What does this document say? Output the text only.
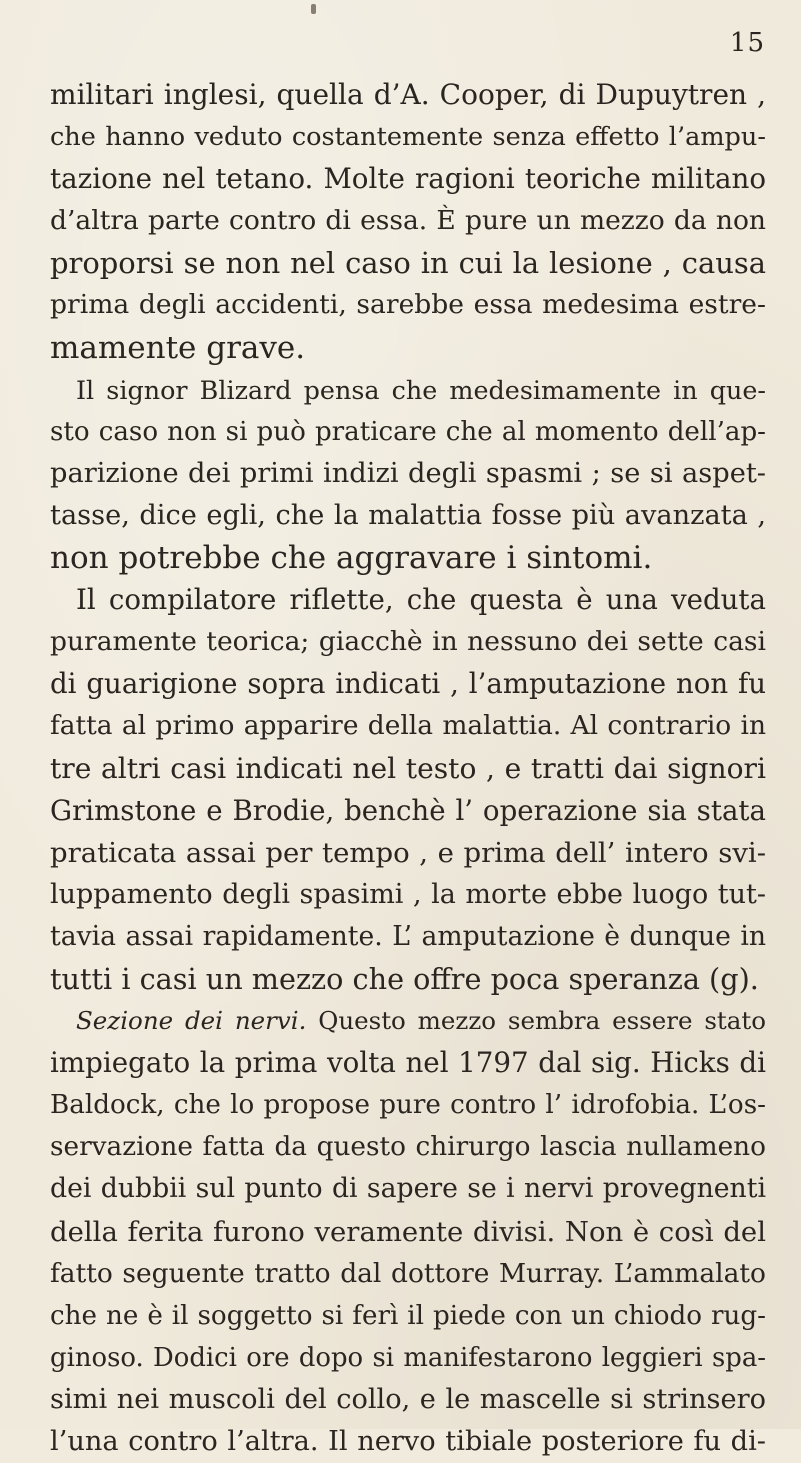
15
militari inglesi, quella d’A. Cooper, di Dupuytren ,
che hanno veduto costantemente senza effetto l’ampu-
tazione nel tetano. Molte ragioni teoriche militano
d’altra parte contro di essa. È pure un mezzo da non
proporsi se non nel caso in cui la lesione , causa
prima degli accidenti, sarebbe essa medesima estre-
mamente grave.
Il signor Blizard pensa che medesimamente in que-
sto caso non si può praticare che al momento dell’ap-
parizione dei primi indizi degli spasmi ; se si aspet-
tasse, dice egli, che la malattia fosse più avanzata ,
non potrebbe che aggravare i sintomi.
Il compilatore riflette, che questa è una veduta
puramente teorica; giacchè in nessuno dei sette casi
di guarigione sopra indicati , l’amputazione non fu
fatta al primo apparire della malattia. Al contrario in
tre altri casi indicati nel testo , e tratti dai signori
Grimstone e Brodie, benchè l’ operazione sia stata
praticata assai per tempo , e prima dell’ intero svi-
luppamento degli spasimi , la morte ebbe luogo tut-
tavia assai rapidamente. L’ amputazione è dunque in
tutti i casi un mezzo che offre poca speranza (g).
Sezione dei nervi. Questo mezzo sembra essere stato
impiegato la prima volta nel 1797 dal sig. Hicks di
Baldock, che lo propose pure contro l’ idrofobia. L’os-
servazione fatta da questo chirurgo lascia nullameno
dei dubbii sul punto di sapere se i nervi provegnenti
della ferita furono veramente divisi. Non è così del
fatto seguente tratto dal dottore Murray. L’ammalato
che ne è il soggetto si ferì il piede con un chiodo rug-
ginoso. Dodici ore dopo si manifestarono leggieri spa-
simi nei muscoli del collo, e le mascelle si strinsero
l’una contro l’altra. Il nervo tibiale posteriore fu di-
